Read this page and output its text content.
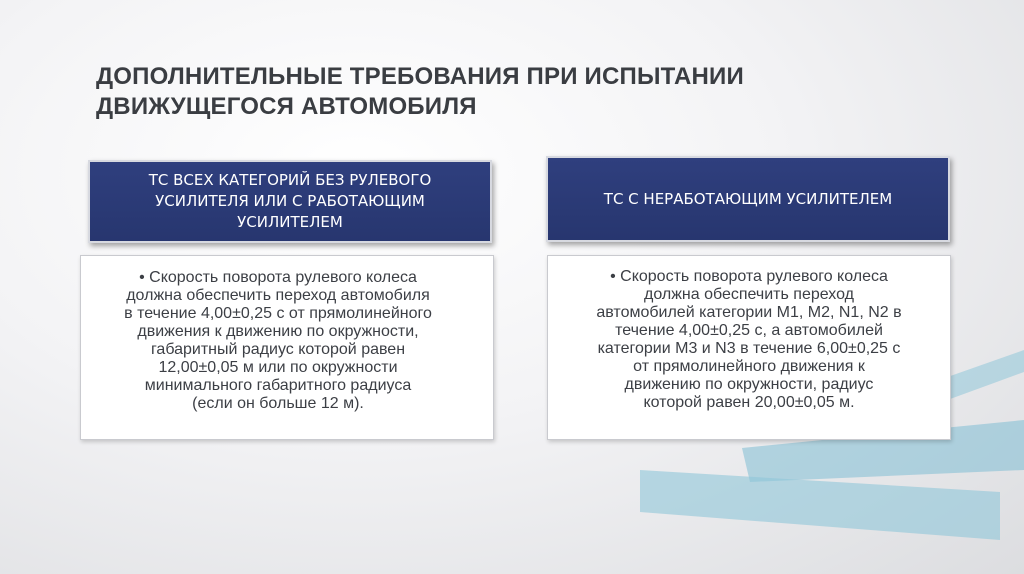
ДОПОЛНИТЕЛЬНЫЕ ТРЕБОВАНИЯ ПРИ ИСПЫТАНИИ
ДВИЖУЩЕГОСЯ АВТОМОБИЛЯ
ТС ВСЕХ КАТЕГОРИЙ БЕЗ РУЛЕВОГО
УСИЛИТЕЛЯ ИЛИ С РАБОТАЮЩИМ
УСИЛИТЕЛЕМ
ТС С НЕРАБОТАЮЩИМ УСИЛИТЕЛЕМ
• Скорость поворота рулевого колеса
должна обеспечить переход автомобиля
в течение 4,00±0,25 с от прямолинейного
движения к движению по окружности,
габаритный радиус которой равен
12,00±0,05 м или по окружности
минимального габаритного радиуса
(если он больше 12 м).
• Скорость поворота рулевого колеса
должна обеспечить переход
автомобилей категории М1, М2, N1, N2 в
течение 4,00±0,25 с, а автомобилей
категории М3 и N3 в течение 6,00±0,25 с
от прямолинейного движения к
движению по окружности, радиус
которой равен 20,00±0,05 м.
